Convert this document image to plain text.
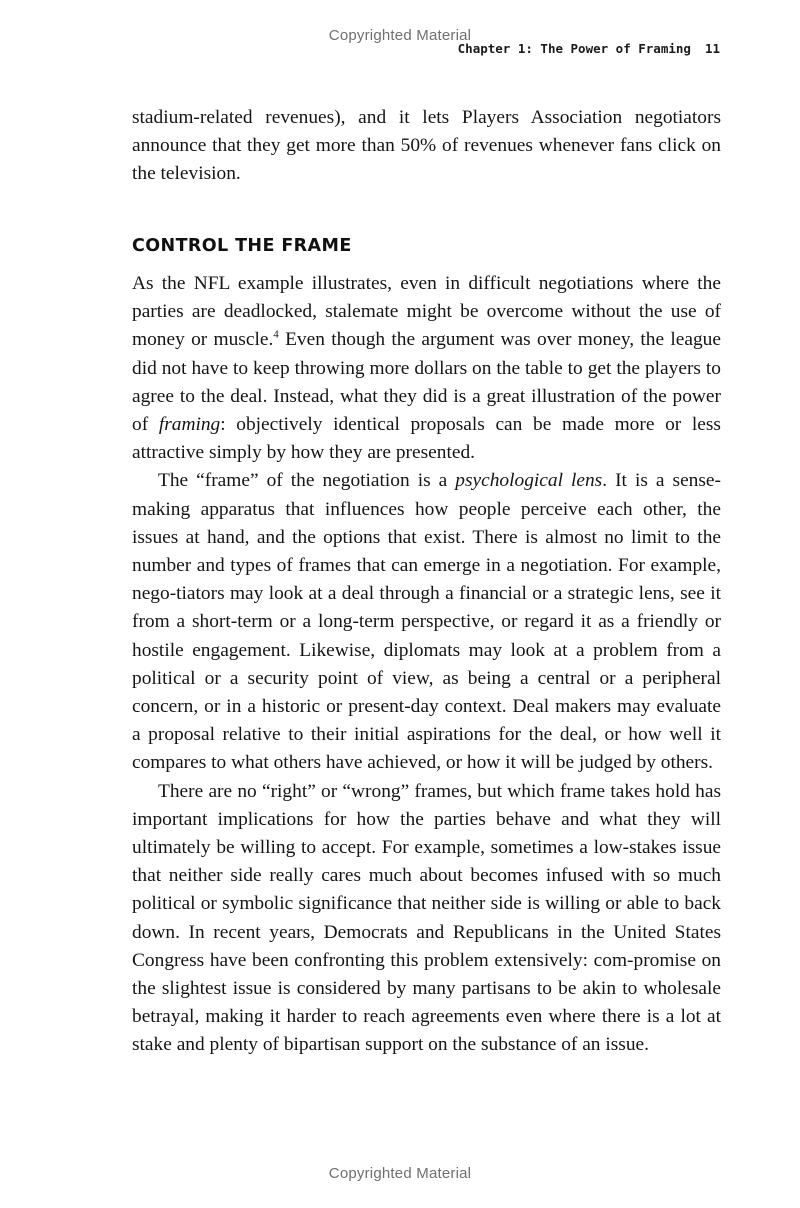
Copyrighted Material
Chapter 1: The Power of Framing 11

stadium-related revenues), and it lets Players Association negotiators announce that they get more than 50% of revenues whenever fans click on the television.

CONTROL THE FRAME

As the NFL example illustrates, even in difficult negotiations where the parties are deadlocked, stalemate might be overcome without the use of money or muscle.$^4$ Even though the argument was over money, the league did not have to keep throwing more dollars on the table to get the players to agree to the deal. Instead, what they did is a great illustration of the power of framing: objectively identical proposals can be made more or less attractive simply by how they are presented.

The “frame” of the negotiation is a psychological lens. It is a sense-making apparatus that influences how people perceive each other, the issues at hand, and the options that exist. There is almost no limit to the number and types of frames that can emerge in a negotiation. For example, nego-tiators may look at a deal through a financial or a strategic lens, see it from a short-term or a long-term perspective, or regard it as a friendly or hostile engagement. Likewise, diplomats may look at a problem from a political or a security point of view, as being a central or a peripheral concern, or in a historic or present-day context. Deal makers may evaluate a proposal relative to their initial aspirations for the deal, or how well it compares to what others have achieved, or how it will be judged by others.

There are no “right” or “wrong” frames, but which frame takes hold has important implications for how the parties behave and what they will ultimately be willing to accept. For example, sometimes a low-stakes issue that neither side really cares much about becomes infused with so much political or symbolic significance that neither side is willing or able to back down. In recent years, Democrats and Republicans in the United States Congress have been confronting this problem extensively: com-promise on the slightest issue is considered by many partisans to be akin to wholesale betrayal, making it harder to reach agreements even where there is a lot at stake and plenty of bipartisan support on the substance of an issue.

Copyrighted Material
